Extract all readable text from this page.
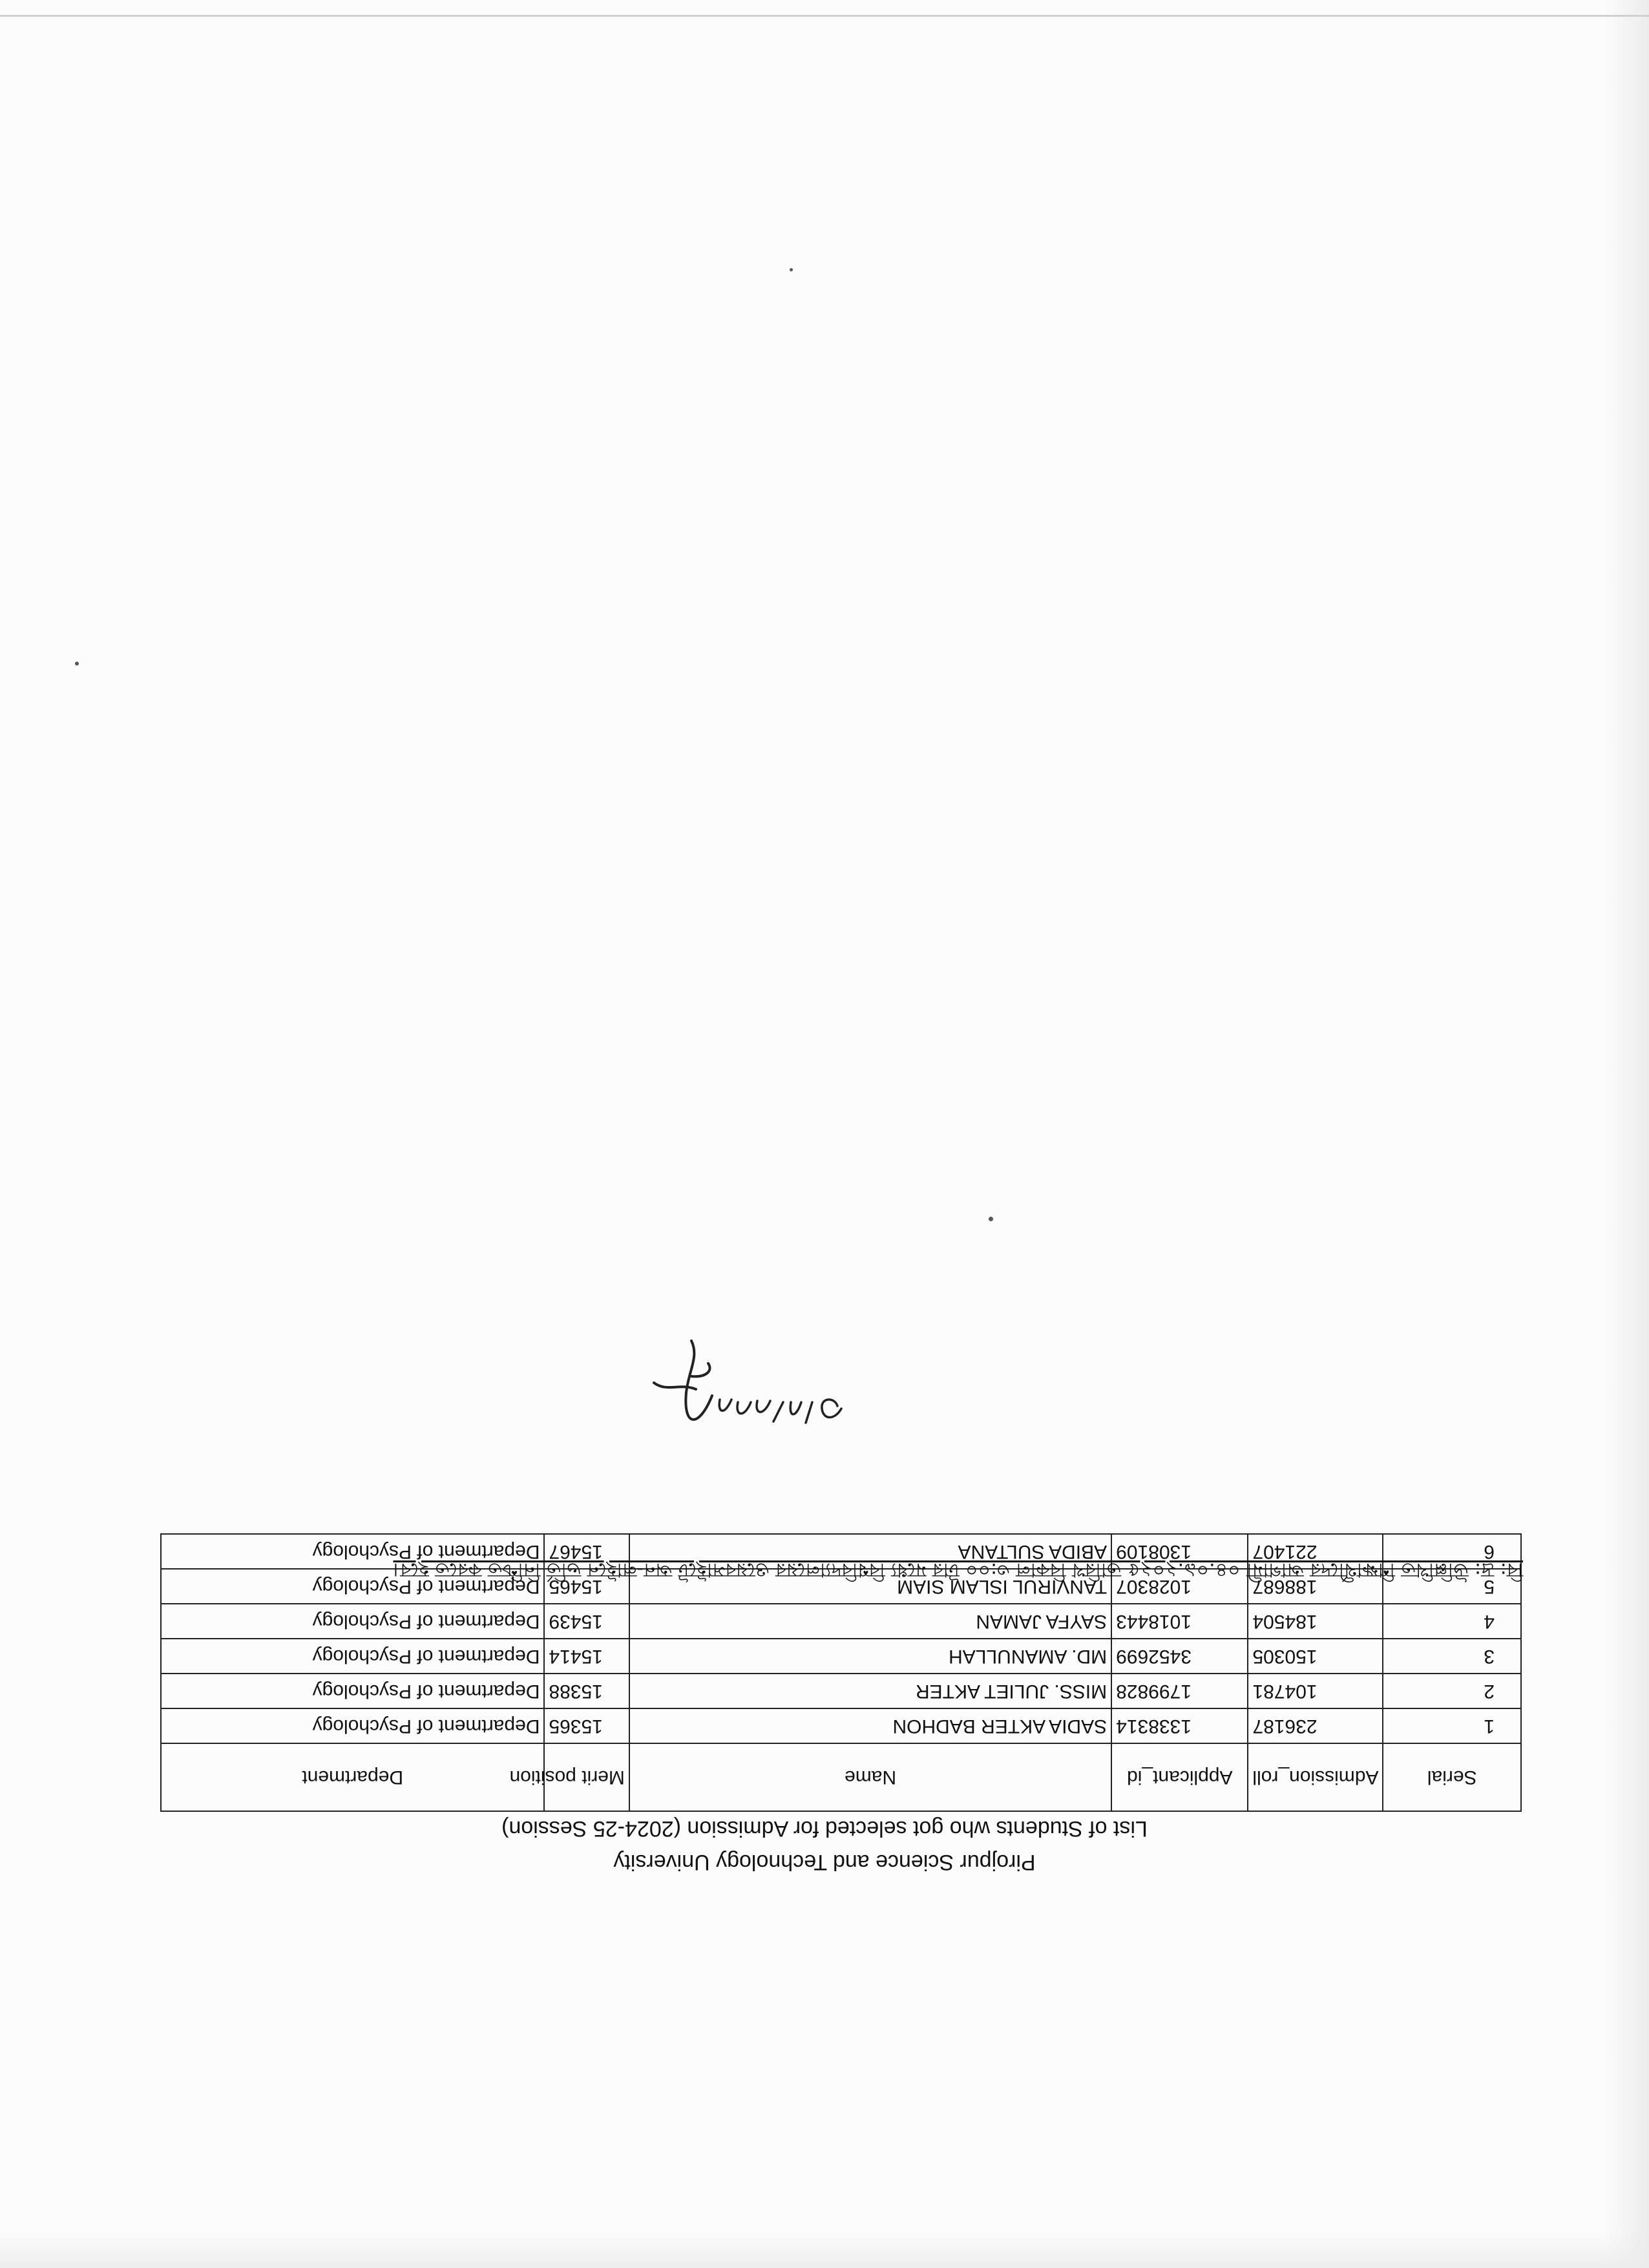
Pirojpur Science and Technology University

List of Students who got selected for Admission (2024-25 Session)

Serial	Admission_roll	Applicant_id	Name	Merit position	Department
1	236187	1338314	SADIA AKTER BADHON	15365	Department of Psychology
2	104781	1799828	MISS. JULIET AKTER	15388	Department of Psychology
3	150305	3452699	MD. AMANULLAH	15414	Department of Psychology
4	184504	1018443	SAYFA JAMAN	15439	Department of Psychology
5	188687	1028307	TANVIRUL ISLAM SIAM	15465	Department of Psychology
6	221407	1308109	ABIDA SULTANA	15467	Department of Psychology
বি: দ্র: উল্লিখিত শিক্ষার্থীদের আগামী ০৪.০৯.২০২৫ তারিখ বিকাল ৩:০০ টার মধ্যে বিশ্ববিদ্যালয়ের ওয়েবসাইটে অন-লাইনে ভর্তি নিশ্চিত করতে হবে।
